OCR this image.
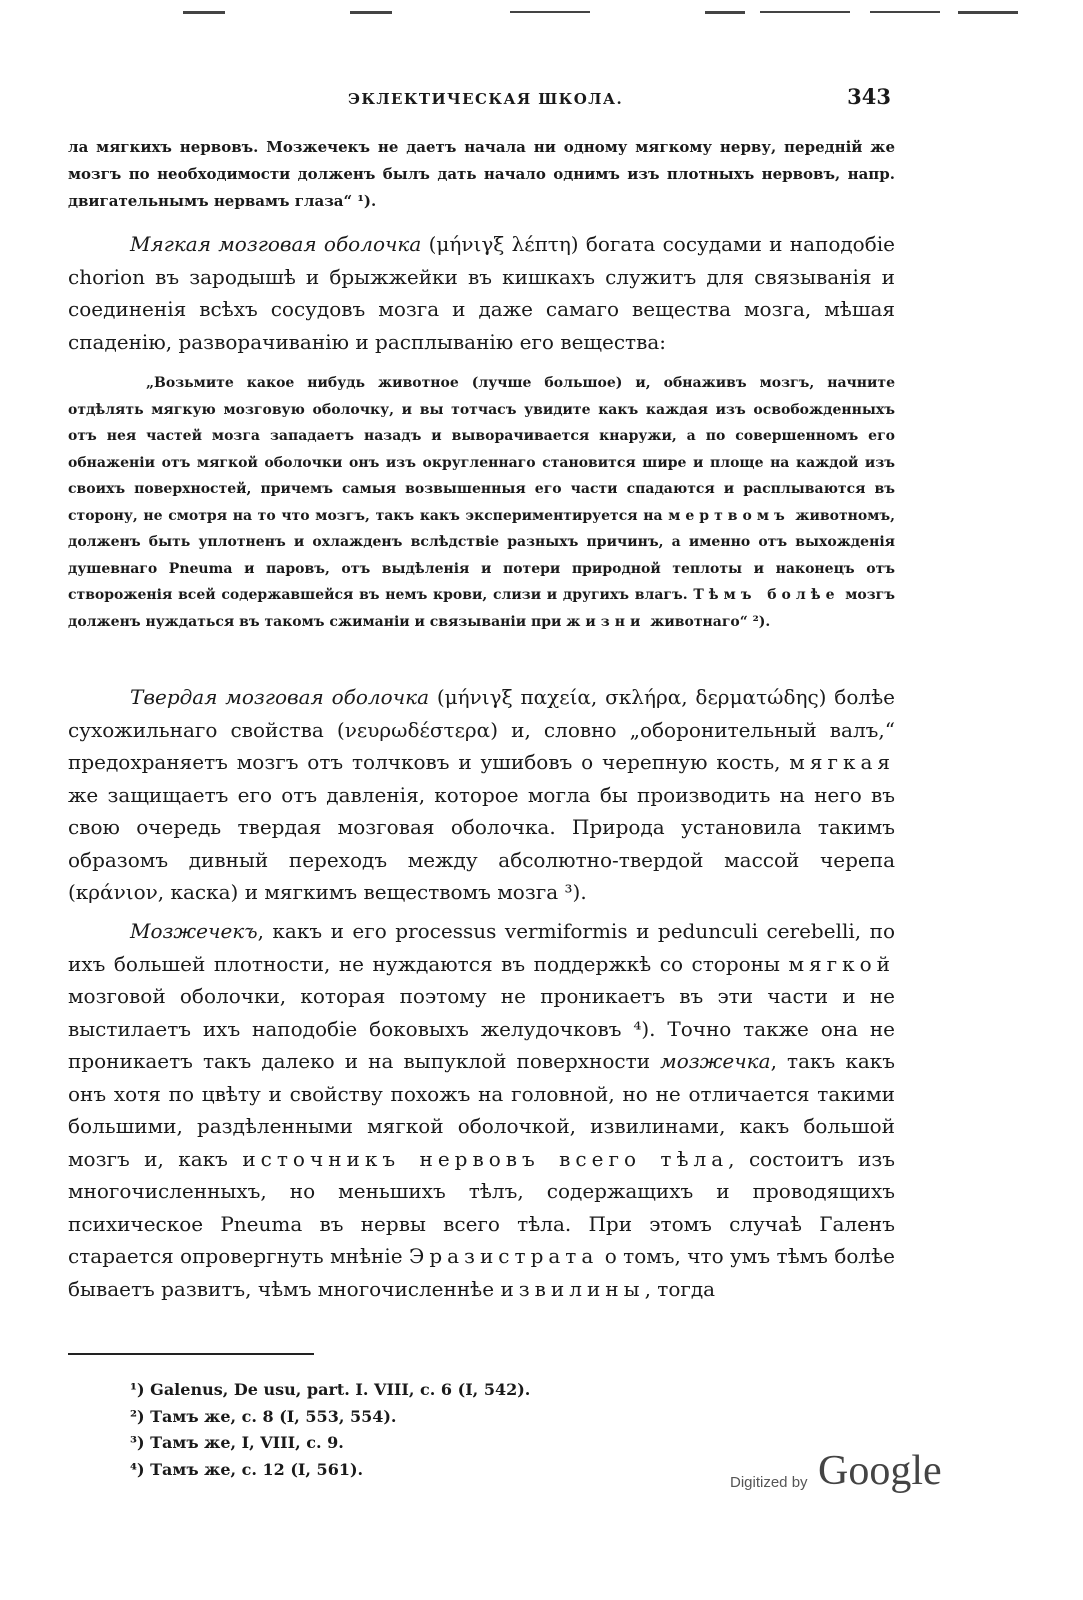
ЭКЛЕКТИЧЕСКАЯ ШКОЛА.	343

ла мягкихъ нервовъ. Мозжечекъ не даетъ начала ни одному мягкому нерву, передній же мозгъ по необходимости долженъ былъ дать начало однимъ изъ плотныхъ нервовъ, напр. двигательнымъ нервамъ глаза“ ¹).

Мягкая мозговая оболочка (μήνιγξ λέπτη) богата сосудами и наподобіе chorion въ зародышѣ и брыжжейки въ кишкахъ служитъ для связыванія и соединенія всѣхъ сосудовъ мозга и даже самаго вещества мозга, мѣшая спаденію, разворачиванію и расплыванію его вещества:

„Возьмите какое нибудь животное (лучше большое) и, обнаживъ мозгъ, начните отдѣлять мягкую мозговую оболочку, и вы тотчасъ увидите какъ каждая изъ освобожденныхъ отъ нея частей мозга западаетъ назадъ и выворачивается кнаружи, а по совершенномъ его обнаженіи отъ мягкой оболочки онъ изъ округленнаго становится шире и площе на каждой изъ своихъ поверхностей, причемъ самыя возвышенныя его части спадаются и расплываются въ сторону, не смотря на то что мозгъ, такъ какъ экспериментируется на мертвомъ животномъ, долженъ быть уплотненъ и охлажденъ вслѣдствіе разныхъ причинъ, а именно отъ выхожденія душевнаго Pneuma и паровъ, отъ выдѣленія и потери природной теплоты и наконецъ отъ створоженія всей содержавшейся въ немъ крови, слизи и другихъ влагъ. Тѣмъ болѣе мозгъ долженъ нуждаться въ такомъ сжиманіи и связываніи при жизни животнаго“ ²).

Твердая мозговая оболочка (μήνιγξ παχεία, σκλήρα, δερματώδης) болѣе сухожильнаго свойства (νευρωδέστερα) и, словно „оборонительный валъ,“ предохраняетъ мозгъ отъ толчковъ и ушибовъ о черепную кость, мягкая же защищаетъ его отъ давленія, которое могла бы производить на него въ свою очередь твердая мозговая оболочка. Природа установила такимъ образомъ дивный переходъ между абсолютно-твердой массой черепа (κράνιον, каска) и мягкимъ веществомъ мозга ³).

Мозжечекъ, какъ и его processus vermiformis и pedunculi cerebelli, по ихъ большей плотности, не нуждаются въ поддержкѣ со стороны мягкой мозговой оболочки, которая поэтому не проникаетъ въ эти части и не выстилаетъ ихъ наподобіе боковыхъ желудочковъ ⁴). Точно также она не проникаетъ такъ далеко и на выпуклой поверхности мозжечка, такъ какъ онъ хотя по цвѣту и свойству похожъ на головной, но не отличается такими большими, раздѣленными мягкой оболочкой, извилинами, какъ большой мозгъ и, какъ источникъ нервовъ всего тѣла, состоитъ изъ многочисленныхъ, но меньшихъ тѣлъ, содержащихъ и проводящихъ психическое Pneuma въ нервы всего тѣла. При этомъ случаѣ Галенъ старается опровергнуть мнѣніе Эразистрата о томъ, что умъ тѣмъ болѣе бываетъ развитъ, чѣмъ многочисленнѣе извилины, тогда

¹) Galenus, De usu, part. I. VIII, c. 6 (I, 542).
²) Тамъ же, с. 8 (I, 553, 554).
³) Тамъ же, I, VIII, с. 9.
⁴) Тамъ же, с. 12 (I, 561).
Digitized by Google
